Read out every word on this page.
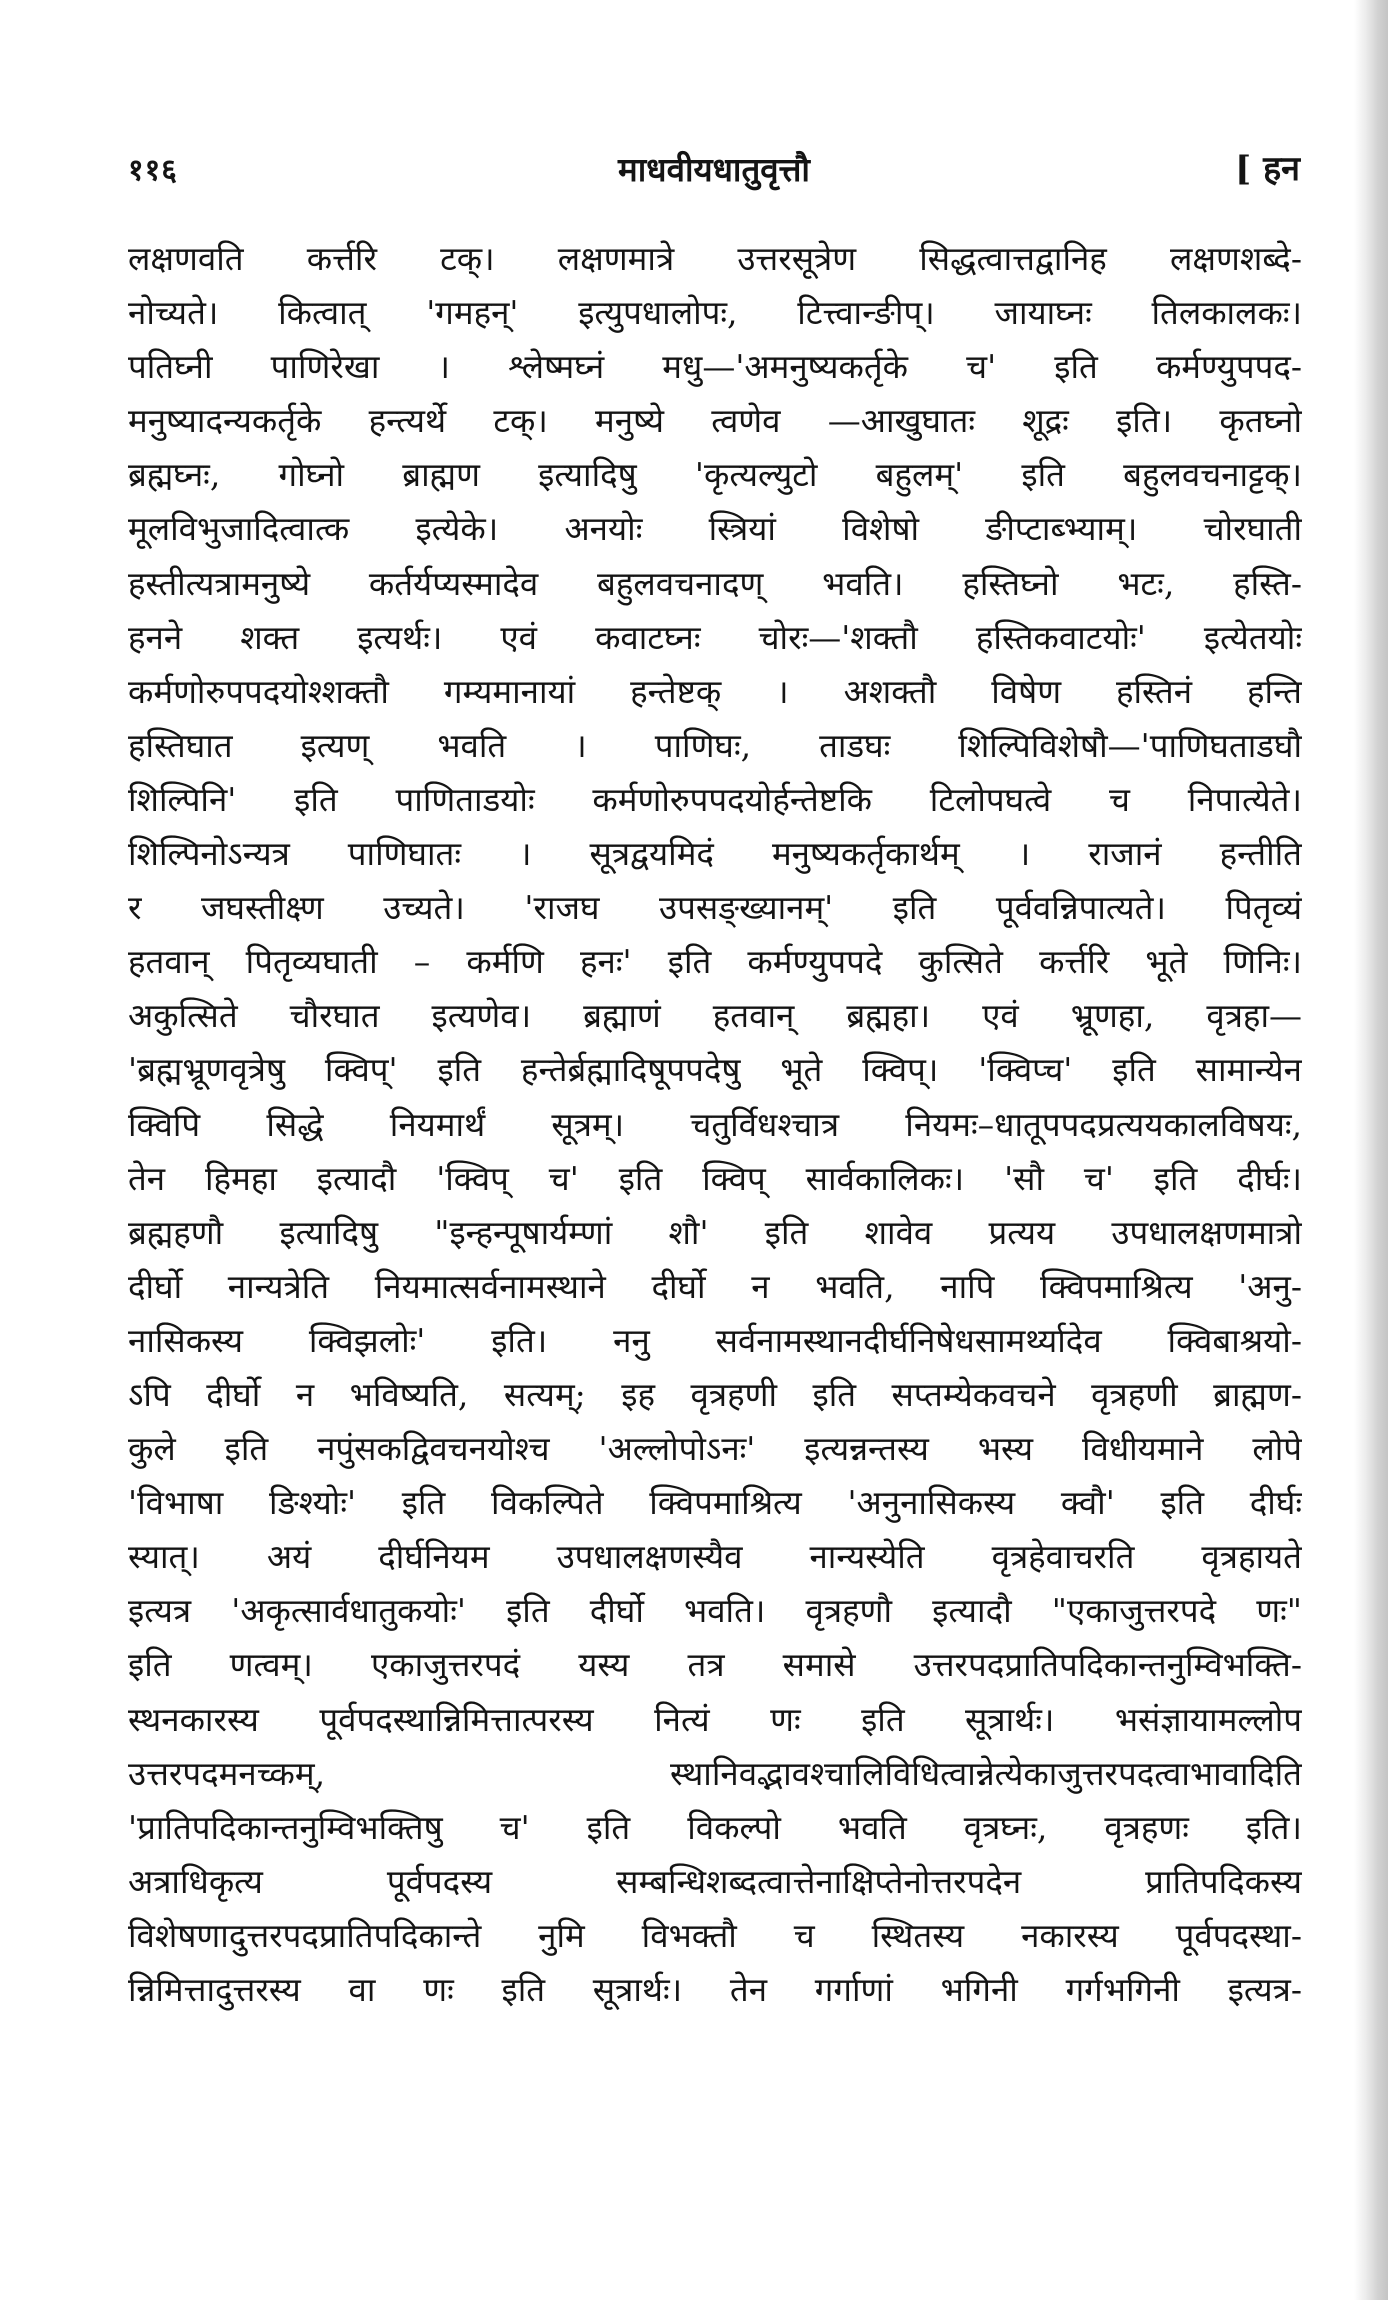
११६	माधवीयधातुवृत्तौ	[ हन
लक्षणवति कर्त्तरि टक्। लक्षणमात्रे उत्तरसूत्रेण सिद्धत्वात्तद्वानिह लक्षणशब्दे-
नोच्यते। कित्वात् 'गमहन्' इत्युपधालोपः, टित्त्वान्ङीप्। जायाघ्नः तिलकालकः।
पतिघ्नी पाणिरेखा । श्लेष्मघ्नं मधु—'अमनुष्यकर्तृके च' इति कर्मण्युपपद-
मनुष्यादन्यकर्तृके हन्त्यर्थे टक्। मनुष्ये त्वणेव —आखुघातः शूद्रः इति। कृतघ्नो
ब्रह्मघ्नः, गोघ्नो ब्राह्मण इत्यादिषु 'कृत्यल्युटो बहुलम्' इति बहुलवचनाट्टक्।
मूलविभुजादित्वात्क इत्येके। अनयोः स्त्रियां विशेषो ङीप्टाब्भ्याम्। चोरघाती
हस्तीत्यत्रामनुष्ये कर्तर्यप्यस्मादेव बहुलवचनादण् भवति। हस्तिघ्नो भटः, हस्ति-
हनने शक्त इत्यर्थः। एवं कवाटघ्नः चोरः—'शक्तौ हस्तिकवाटयोः' इत्येतयोः
कर्मणोरुपपदयोश्शक्तौ गम्यमानायां हन्तेष्टक् । अशक्तौ विषेण हस्तिनं हन्ति
हस्तिघात इत्यण् भवति । पाणिघः, ताडघः शिल्पिविशेषौ—'पाणिघताडघौ
शिल्पिनि' इति पाणिताडयोः कर्मणोरुपपदयोर्हन्तेष्टकि टिलोपघत्वे च निपात्येते।
शिल्पिनोऽन्यत्र पाणिघातः । सूत्रद्वयमिदं मनुष्यकर्तृकार्थम् । राजानं हन्तीति
र जघस्तीक्ष्ण उच्यते। 'राजघ उपसङ्ख्यानम्' इति पूर्ववन्निपात्यते। पितृव्यं
हतवान् पितृव्यघाती – कर्मणि हनः' इति कर्मण्युपपदे कुत्सिते कर्त्तरि भूते णिनिः।
अकुत्सिते चौरघात इत्यणेव। ब्रह्माणं हतवान् ब्रह्महा। एवं भ्रूणहा, वृत्रहा—
'ब्रह्मभ्रूणवृत्रेषु क्विप्' इति हन्तेर्ब्रह्मादिषूपपदेषु भूते क्विप्। 'क्विप्च' इति सामान्येन
क्विपि सिद्धे नियमार्थं सूत्रम्। चतुर्विधश्चात्र नियमः–धातूपपदप्रत्ययकालविषयः,
तेन हिमहा इत्यादौ 'क्विप् च' इति क्विप् सार्वकालिकः। 'सौ च' इति दीर्घः।
ब्रह्महणौ इत्यादिषु "इन्हन्पूषार्यम्णां शौ' इति शावेव प्रत्यय उपधालक्षणमात्रो
दीर्घो नान्यत्रेति नियमात्सर्वनामस्थाने दीर्घो न भवति, नापि क्विपमाश्रित्य 'अनु-
नासिकस्य क्विझलोः' इति। ननु सर्वनामस्थानदीर्घनिषेधसामर्थ्यादेव क्विबाश्रयो-
ऽपि दीर्घो न भविष्यति, सत्यम्; इह वृत्रहणी इति सप्तम्येकवचने वृत्रहणी ब्राह्मण-
कुले इति नपुंसकद्विवचनयोश्च 'अल्लोपोऽनः' इत्यन्नन्तस्य भस्य विधीयमाने लोपे
'विभाषा ङिश्योः' इति विकल्पिते क्विपमाश्रित्य 'अनुनासिकस्य क्वौ' इति दीर्घः
स्यात्। अयं दीर्घनियम उपधालक्षणस्यैव नान्यस्येति वृत्रहेवाचरति वृत्रहायते
इत्यत्र 'अकृत्सार्वधातुकयोः' इति दीर्घो भवति। वृत्रहणौ इत्यादौ "एकाजुत्तरपदे णः"
इति णत्वम्। एकाजुत्तरपदं यस्य तत्र समासे उत्तरपदप्रातिपदिकान्तनुम्विभक्ति-
स्थनकारस्य पूर्वपदस्थान्निमित्तात्परस्य नित्यं णः इति सूत्रार्थः। भसंज्ञायामल्लोप
उत्तरपदमनच्कम्, स्थानिवद्भावश्चालिविधित्वान्नेत्येकाजुत्तरपदत्वाभावादिति
'प्रातिपदिकान्तनुम्विभक्तिषु च' इति विकल्पो भवति वृत्रघ्नः, वृत्रहणः इति।
अत्राधिकृत्य पूर्वपदस्य सम्बन्धिशब्दत्वात्तेनाक्षिप्तेनोत्तरपदेन प्रातिपदिकस्य
विशेषणादुत्तरपदप्रातिपदिकान्ते नुमि विभक्तौ च स्थितस्य नकारस्य पूर्वपदस्था-
न्निमित्तादुत्तरस्य वा णः इति सूत्रार्थः। तेन गर्गाणां भगिनी गर्गभगिनी इत्यत्र-
